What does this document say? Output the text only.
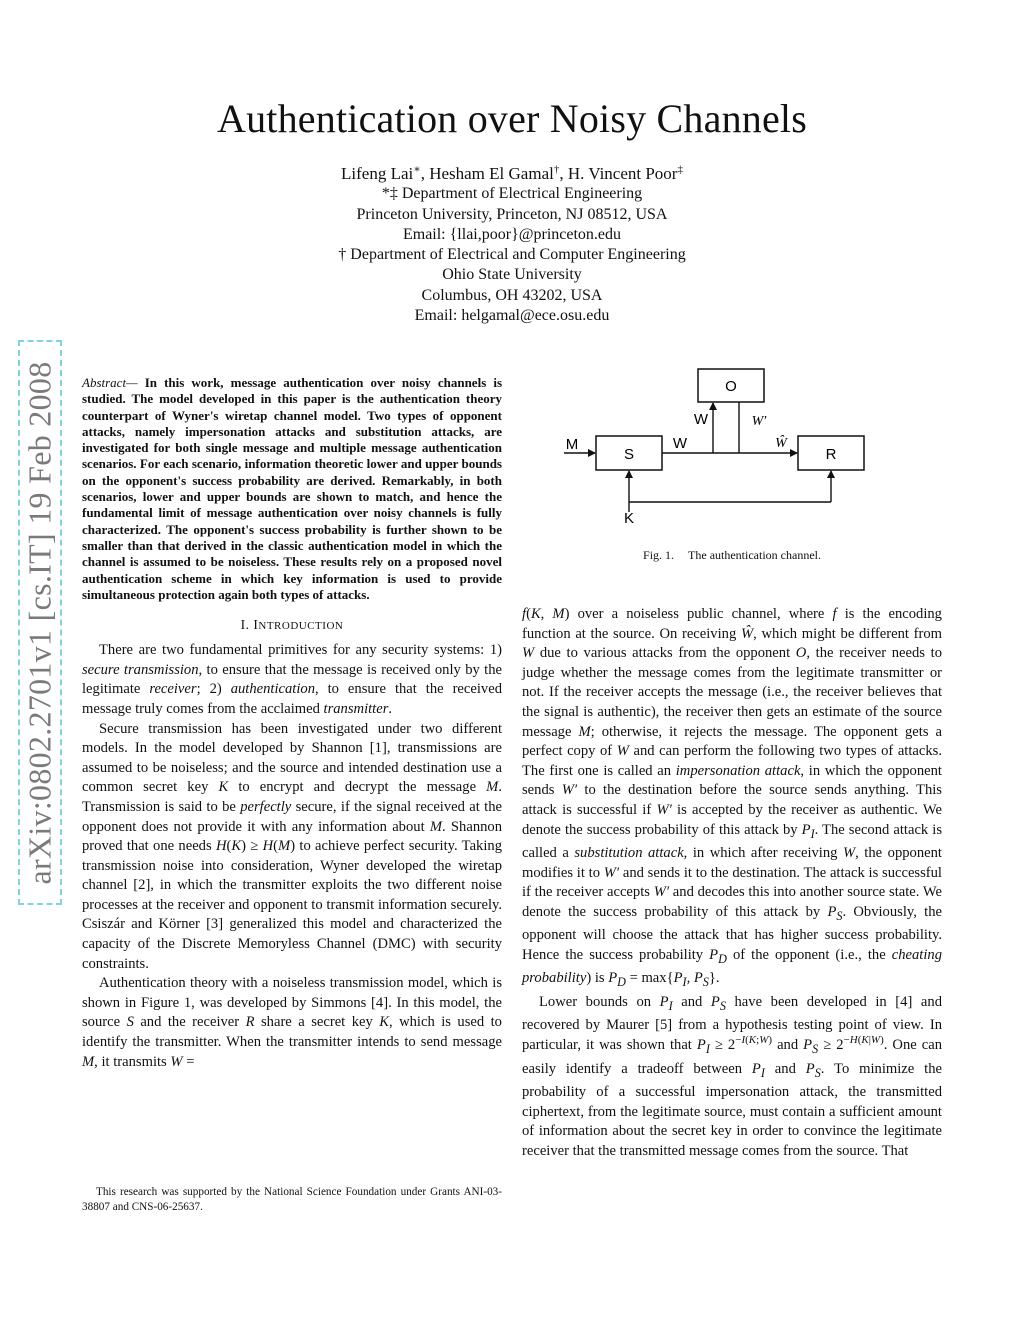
arXiv:0802.2701v1 [cs.IT] 19 Feb 2008
Authentication over Noisy Channels
Lifeng Lai∗, Hesham El Gamal†, H. Vincent Poor‡
*‡ Department of Electrical Engineering
Princeton University, Princeton, NJ 08512, USA
Email: {llai,poor}@princeton.edu
† Department of Electrical and Computer Engineering
Ohio State University
Columbus, OH 43202, USA
Email: helgamal@ece.osu.edu

Abstract— In this work, message authentication over noisy channels is studied. The model developed in this paper is the authentication theory counterpart of Wyner's wiretap channel model. Two types of opponent attacks, namely impersonation attacks and substitution attacks, are investigated for both single message and multiple message authentication scenarios. For each scenario, information theoretic lower and upper bounds on the opponent's success probability are derived. Remarkably, in both scenarios, lower and upper bounds are shown to match, and hence the fundamental limit of message authentication over noisy channels is fully characterized. The opponent's success probability is further shown to be smaller than that derived in the classic authentication model in which the channel is assumed to be noiseless. These results rely on a proposed novel authentication scheme in which key information is used to provide simultaneous protection again both types of attacks.

I. INTRODUCTION

There are two fundamental primitives for any security systems: 1) secure transmission, to ensure that the message is received only by the legitimate receiver; 2) authentication, to ensure that the received message truly comes from the acclaimed transmitter.

Secure transmission has been investigated under two different models. In the model developed by Shannon [1], transmissions are assumed to be noiseless; and the source and intended destination use a common secret key K to encrypt and decrypt the message M. Transmission is said to be perfectly secure, if the signal received at the opponent does not provide it with any information about M. Shannon proved that one needs H(K) ≥ H(M) to achieve perfect security. Taking transmission noise into consideration, Wyner developed the wiretap channel [2], in which the transmitter exploits the two different noise processes at the receiver and opponent to transmit information securely. Csiszár and Körner [3] generalized this model and characterized the capacity of the Discrete Memoryless Channel (DMC) with security constraints.

Authentication theory with a noiseless transmission model, which is shown in Figure 1, was developed by Simmons [4]. In this model, the source S and the receiver R share a secret key K, which is used to identify the transmitter. When the transmitter intends to send message M, it transmits W =

This research was supported by the National Science Foundation under Grants ANI-03-38807 and CNS-06-25637.
S
O
R
M
K
W
W	W′
Ŵ
Fig. 1. The authentication channel.

f(K, M) over a noiseless public channel, where f is the encoding function at the source. On receiving Ŵ, which might be different from W due to various attacks from the opponent O, the receiver needs to judge whether the message comes from the legitimate transmitter or not. If the receiver accepts the message (i.e., the receiver believes that the signal is authentic), the receiver then gets an estimate of the source message M; otherwise, it rejects the message. The opponent gets a perfect copy of W and can perform the following two types of attacks. The first one is called an impersonation attack, in which the opponent sends W′ to the destination before the source sends anything. This attack is successful if W′ is accepted by the receiver as authentic. We denote the success probability of this attack by $P_I$. The second attack is called a substitution attack, in which after receiving W, the opponent modifies it to W′ and sends it to the destination. The attack is successful if the receiver accepts W′ and decodes this into another source state. We denote the success probability of this attack by $P_S$. Obviously, the opponent will choose the attack that has higher success probability. Hence the success probability $P_D$ of the opponent (i.e., the cheating probability) is $P_D = \max\{P_I$, $P_S$}.

Lower bounds on $P_I$ and $P_S$ have been developed in [4] and recovered by Maurer [5] from a hypothesis testing point of view. In particular, it was shown that $P_I \ge 2^{-I(K;W)}$ and $P_S \ge 2^{-H(K|W)}$. One can easily identify a tradeoff between $P_I$ and $P_S$. To minimize the probability of a successful impersonation attack, the transmitted ciphertext, from the legitimate source, must contain a sufficient amount of information about the secret key in order to convince the legitimate receiver that the transmitted message comes from the source. That
